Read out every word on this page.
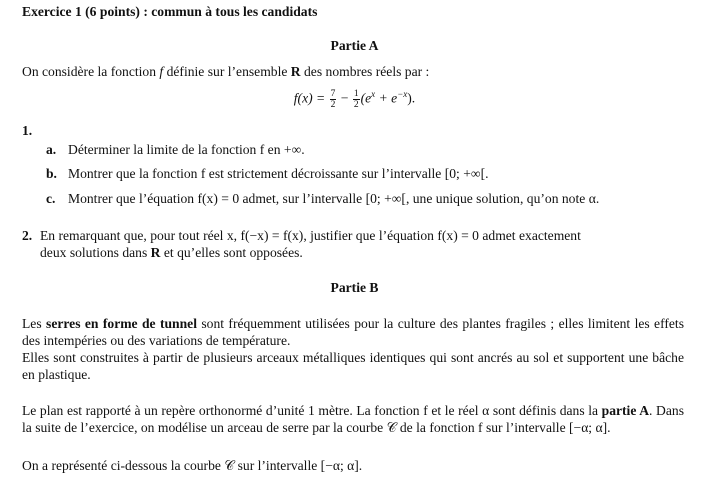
Exercice 1 (6 points) : commun à tous les candidats
Partie A
On considère la fonction f définie sur l’ensemble R des nombres réels par :
$f(x) = \frac{7}{2} - \frac{1}{2} (e^x + e^{-x})$.
1.
a. Déterminer la limite de la fonction f en +∞.
b. Montrer que la fonction f est strictement décroissante sur l’intervalle [0; +∞[.
c. Montrer que l’équation f(x) = 0 admet, sur l’intervalle [0; +∞[, une unique solution, qu’on note α.
2. En remarquant que, pour tout réel x, f(−x) = f(x), justifier que l’équation f(x) = 0 admet exactement
deux solutions dans R et qu’elles sont opposées.
Partie B
Les serres en forme de tunnel sont fréquemment utilisées pour la culture des plantes fragiles ; elles limitent les effets des intempéries ou des variations de température.
Elles sont construites à partir de plusieurs arceaux métalliques identiques qui sont ancrés au sol et supportent une bâche en plastique.
Le plan est rapporté à un repère orthonormé d’unité 1 mètre. La fonction f et le réel α sont définis dans la partie A. Dans la suite de l’exercice, on modélise un arceau de serre par la courbe 𝒞 de la fonction f sur l’intervalle [−α; α].
On a représenté ci-dessous la courbe 𝒞 sur l’intervalle [−α; α].
